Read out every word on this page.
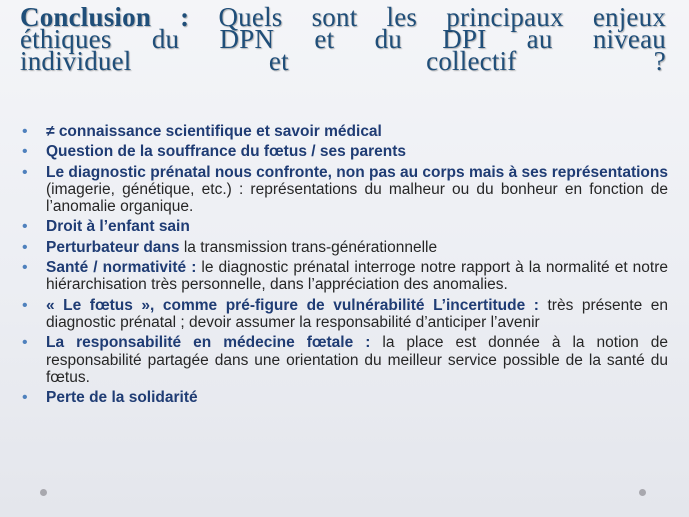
Conclusion : Quels sont les principaux enjeux
éthiques du DPN et du DPI au niveau
individuel et collectif ?
• ≠ connaissance scientifique et savoir médical
• Question de la souffrance du fœtus / ses parents
• Le diagnostic prénatal nous confronte, non pas au corps mais à ses représentations (imagerie, génétique, etc.) : représentations du malheur ou du bonheur en fonction de l’anomalie organique.
• Droit à l’enfant sain
• Perturbateur dans la transmission trans-générationnelle
• Santé / normativité : le diagnostic prénatal interroge notre rapport à la normalité et notre hiérarchisation très personnelle, dans l’appréciation des anomalies.
• « Le fœtus », comme pré-figure de vulnérabilité L’incertitude : très présente en diagnostic prénatal ; devoir assumer la responsabilité d’anticiper l’avenir
• La responsabilité en médecine fœtale : la place est donnée à la notion de responsabilité partagée dans une orientation du meilleur service possible de la santé du fœtus.
• Perte de la solidarité
